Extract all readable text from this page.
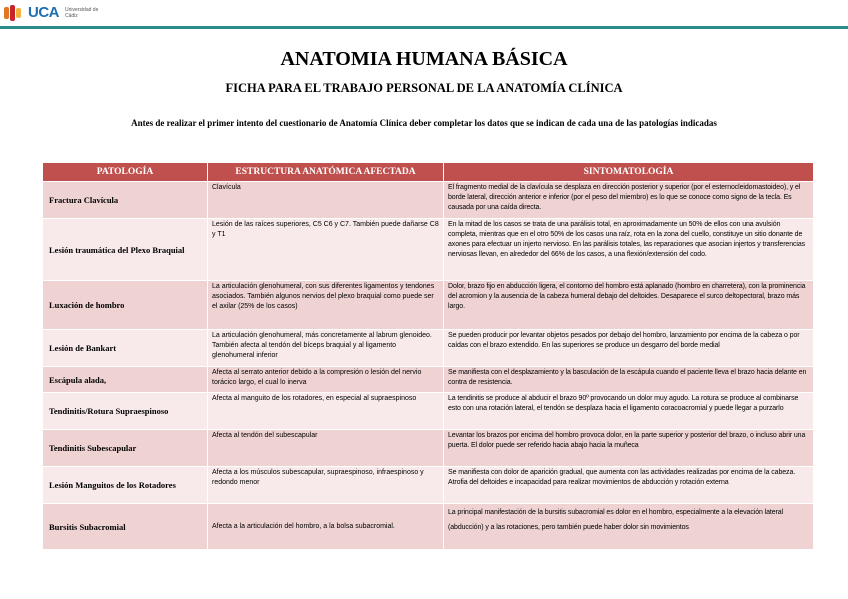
UCA Universidad de Cádiz
ANATOMIA HUMANA BÁSICA
FICHA PARA EL TRABAJO PERSONAL DE LA ANATOMÍA CLÍNICA
Antes de realizar el primer intento del cuestionario de Anatomía Clínica deber completar los datos que se indican de cada una de las patologías indicadas
PATOLOGÍA	ESTRUCTURA ANATÓMICA AFECTADA	SINTOMATOLOGÍA
Fractura Clavícula	Clavícula	El fragmento medial de la clavícula se desplaza en dirección posterior y superior (por el esternocleidomastoideo), y el borde lateral, dirección anterior e inferior (por el peso del miembro) es lo que se conoce como signo de la tecla. Es causada por una caída directa.
Lesión traumática del Plexo Braquial	Lesión de las raíces superiores, C5 C6 y C7. También puede dañarse C8 y T1	En la mitad de los casos se trata de una parálisis total, en aproximadamente un 50% de ellos con una avulsión completa, mientras que en el otro 50% de los casos una raíz, rota en la zona del cuello, constituye un sitio donante de axones para efectuar un injerto nervioso. En las parálisis totales, las reparaciones que asocian injertos y transferencias nerviosas llevan, en alrededor del 66% de los casos, a una flexión/extensión del codo.
Luxación de hombro	La articulación glenohumeral, con sus diferentes ligamentos y tendones asociados. También algunos nervios del plexo braquial como puede ser el axilar (25% de los casos)	Dolor, brazo fijo en abducción ligera, el contorno del hombro está aplanado (hombro en charretera), con la prominencia del acromion y la ausencia de la cabeza humeral debajo del deltoides. Desaparece el surco deltopectoral, brazo más largo.
Lesión de Bankart	La articulación glenohumeral, más concretamente al labrum glenoideo. También afecta al tendón del bíceps braquial y al ligamento glenohumeral inferior	Se pueden producir por levantar objetos pesados por debajo del hombro, lanzamiento por encima de la cabeza o por caídas con el brazo extendido. En las superiores se produce un desgarro del borde medial
Escápula alada,	Afecta al serrato anterior debido a la compresión o lesión del nervio torácico largo, el cual lo inerva	Se manifiesta con el desplazamiento y la basculación de la escápula cuando el paciente lleva el brazo hacia delante en contra de resistencia.
Tendinitis/Rotura Supraespinoso	Afecta al manguito de los rotadores, en especial al supraespinoso	La tendinitis se produce al abducir el brazo 90º provocando un dolor muy agudo. La rotura se produce al combinarse esto con una rotación lateral, el tendón se desplaza hacia el ligamento coracoacromial y puede llegar a purzarlo
Tendinitis Subescapular	Afecta al tendón del subescapular	Levantar los brazos por encima del hombro provoca dolor, en la parte superior y posterior del brazo, o incluso abrir una puerta. El dolor puede ser referido hacia abajo hacia la muñeca
Lesión Manguitos de los Rotadores	Afecta a los músculos subescapular, supraespinoso, infraespinoso y redondo menor	Se manifiesta con dolor de aparición gradual, que aumenta con las actividades realizadas por encima de la cabeza. Atrofia del deltoides e incapacidad para realizar movimientos de abducción y rotación externa
Bursitis Subacromial	Afecta a la articulación del hombro, a la bolsa subacromial.	La principal manifestación de la bursitis subacromial es dolor en el hombro, especialmente a la elevación lateral (abducción) y a las rotaciones, pero también puede haber dolor sin movimientos
